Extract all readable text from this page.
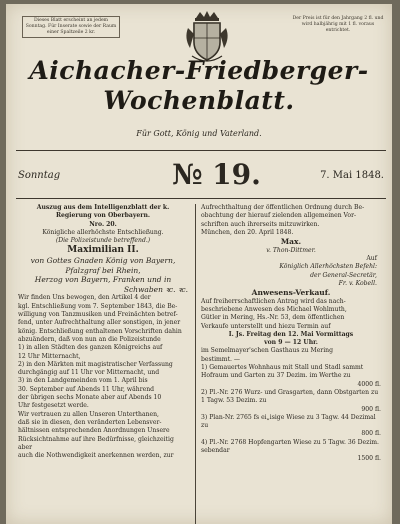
Dieses Blatt erscheint an jedem Sonntag. Für Inserate sowie der Raum einer Spaltzeile 2 kr.
Der Preis ist für den Jahrgang 2 fl. und wird halbjährig mit 1 fl. voraus entrichtet.
Aichacher-Friedberger-
Wochenblatt.
Für Gott, König und Vaterland.
Sonntag	№ 19.	7. Mai 1848.

Auszug aus dem Intelligenzblatt der k. Regierung von Oberbayern.

Nro. 20.

Königliche allerhöchste Entschließung.

(Die Polizeistunde betreffend.)

Maximilian II.

von Gottes Gnaden König von Bayern,

Pfalzgraf bei Rhein,

Herzog von Bayern, Franken und in

Schwaben ꝛc. ꝛc.

Wir finden Uns bewogen, den Artikel 4 der

kgl. Entschließung vom 7. September 1843, die Be-

willigung von Tanzmusiken und Freinächten betref-

fend, unter Aufrechthaltung aller sonstigen, in jener

könig. Entschließung enthaltenen Vorschriften dahin

abzuändern, daß von nun an die Polizeistunde

1) in allen Städten des ganzen Königreichs auf

12 Uhr Mitternacht,

2) in den Märkten mit magistratischer Verfassung

durchgängig auf 11 Uhr vor Mitternacht, und

3) in den Landgemeinden vom 1. April bis

30. September auf Abends 11 Uhr, während

der übrigen sechs Monate aber auf Abends 10

Uhr festgesetzt werde.

Wir vertrauen zu allen Unseren Unterthanen,

daß sie in diesen, den veränderten Lebensver-

hältnissen entsprechenden Anordnungen Unsere

Rücksichtnahme auf ihre Bedürfnisse, gleichzeitig aber

auch die Nothwendigkeit anerkennen werden, zur

Aufrechthaltung der öffentlichen Ordnung durch Be-

obachtung der hierauf zielenden allgemeinen Vor-

schriften auch ihrerseits mitzuwirken.

München, den 20. April 1848.

Max.

v. Thon-Dittmer.

Auf

Königlich Allerhöchsten Befehl:

der General-Secretär,

Fr. v. Kobell.

Anwesens-Verkauf.

Auf freiherrschaftlichen Antrag wird das nach-

beschriebene Anwesen des Michael Wohlmuth,

Gütler in Mering, Hs.-Nr. 53, dem öffentlichen

Verkaufe unterstellt und hiezu Termin auf

I. Js. Freitag den 12. Mai Vormittags

von 9 — 12 Uhr.

im Semelmayer'schen Gasthaus zu Mering

bestimmt. —

1) Gemauertes Wohnhaus mit Stall und Stadl sammt Hofraum und Garten zu 37 Dezim. im Werthe zu

4000 fl.

2) Pl.-Nr. 276 Wurz- und Grasgarten, dann Obstgarten zu 1 Tagw. 53 Dezim. zu

900 fl.

3) Plan-Nr. 2765 fs ei„isige Wiese zu 3 Tagw. 44 Dezimal zu

800 fl.

4) Pl.-Nr. 2768 Hopfengarten Wiese zu 5 Tagw. 36 Dezim. sebendar

1500 fl.
